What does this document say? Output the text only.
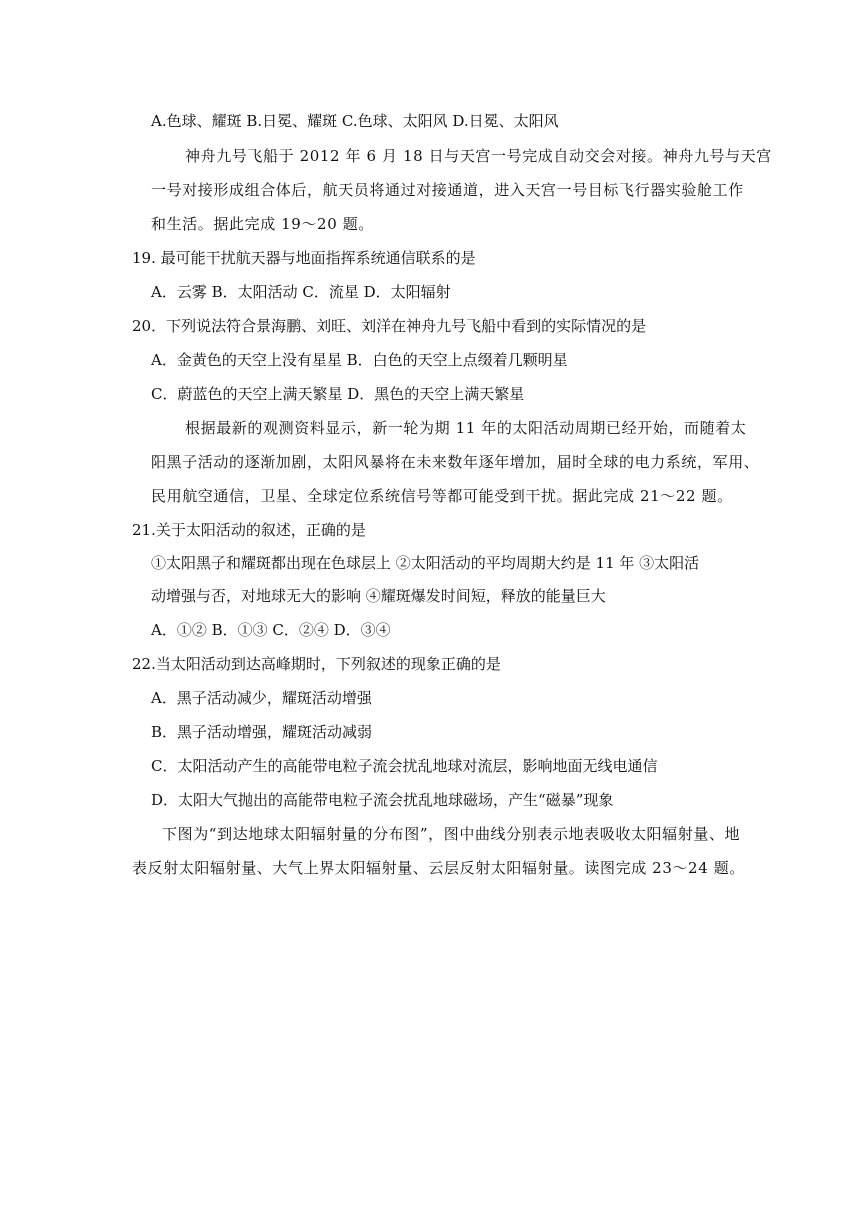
A.色球、耀斑 B.日冕、耀斑 C.色球、太阳风 D.日冕、太阳风
神舟九号飞船于 2012 年 6 月 18 日与天宫一号完成自动交会对接。神舟九号与天宫
一号对接形成组合体后，航天员将通过对接通道，进入天宫一号目标飞行器实验舱工作
和生活。据此完成 19～20 题。
19. 最可能干扰航天器与地面指挥系统通信联系的是
A．云雾 B．太阳活动 C．流星 D．太阳辐射
20．下列说法符合景海鹏、刘旺、刘洋在神舟九号飞船中看到的实际情况的是
A．金黄色的天空上没有星星 B．白色的天空上点缀着几颗明星
C．蔚蓝色的天空上满天繁星 D．黑色的天空上满天繁星
根据最新的观测资料显示，新一轮为期 11 年的太阳活动周期已经开始，而随着太
阳黑子活动的逐渐加剧，太阳风暴将在未来数年逐年增加，届时全球的电力系统，军用、
民用航空通信，卫星、全球定位系统信号等都可能受到干扰。据此完成 21～22 题。
21.关于太阳活动的叙述，正确的是
①太阳黑子和耀斑都出现在色球层上 ②太阳活动的平均周期大约是 11 年 ③太阳活
动增强与否，对地球无大的影响 ④耀斑爆发时间短，释放的能量巨大
A．①② B．①③ C．②④ D．③④
22.当太阳活动到达高峰期时，下列叙述的现象正确的是
A．黑子活动减少，耀斑活动增强
B．黑子活动增强，耀斑活动减弱
C．太阳活动产生的高能带电粒子流会扰乱地球对流层，影响地面无线电通信
D．太阳大气抛出的高能带电粒子流会扰乱地球磁场，产生“磁暴”现象
下图为“到达地球太阳辐射量的分布图”，图中曲线分别表示地表吸收太阳辐射量、地
表反射太阳辐射量、大气上界太阳辐射量、云层反射太阳辐射量。读图完成 23～24 题。
